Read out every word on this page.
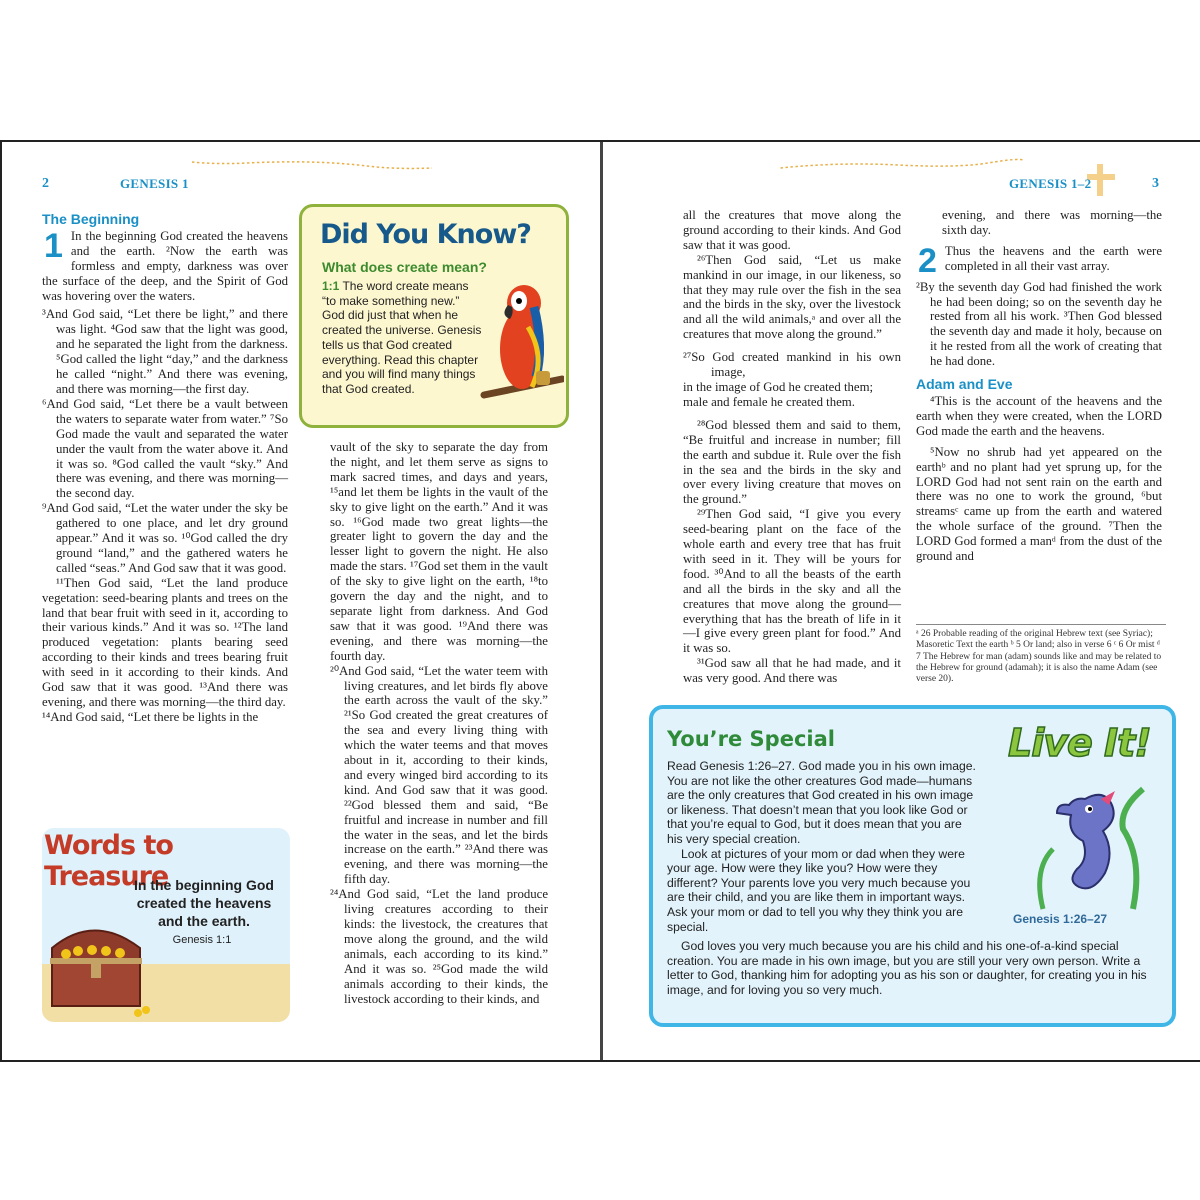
2	GENESIS 1
The Beginning
1 In the beginning God created the heavens and the earth. ²Now the earth was formless and empty, darkness was over the surface of the deep, and the Spirit of God was hovering over the waters.

³And God said, “Let there be light,” and there was light. ⁴God saw that the light was good, and he separated the light from the darkness. ⁵God called the light “day,” and the darkness he called “night.” And there was evening, and there was morning—the first day.

⁶And God said, “Let there be a vault between the waters to separate water from water.” ⁷So God made the vault and separated the water under the vault from the water above it. And it was so. ⁸God called the vault “sky.” And there was evening, and there was morning—the second day.

⁹And God said, “Let the water under the sky be gathered to one place, and let dry ground appear.” And it was so. ¹⁰God called the dry ground “land,” and the gathered waters he called “seas.” And God saw that it was good.

¹¹Then God said, “Let the land produce vegetation: seed-bearing plants and trees on the land that bear fruit with seed in it, according to their various kinds.” And it was so. ¹²The land produced vegetation: plants bearing seed according to their kinds and trees bearing fruit with seed in it according to their kinds. And God saw that it was good. ¹³And there was evening, and there was morning—the third day.

¹⁴And God said, “Let there be lights in the

Did You Know?
What does create mean?
1:1 The word create means “to make something new.” God did just that when he created the universe. Genesis tells us that God created everything. Read this chapter and you will find many things that God created.

vault of the sky to separate the day from the night, and let them serve as signs to mark sacred times, and days and years, ¹⁵and let them be lights in the vault of the sky to give light on the earth.” And it was so. ¹⁶God made two great lights—the greater light to govern the day and the lesser light to govern the night. He also made the stars. ¹⁷God set them in the vault of the sky to give light on the earth, ¹⁸to govern the day and the night, and to separate light from darkness. And God saw that it was good. ¹⁹And there was evening, and there was morning—the fourth day.

²⁰And God said, “Let the water teem with living creatures, and let birds fly above the earth across the vault of the sky.” ²¹So God created the great creatures of the sea and every living thing with which the water teems and that moves about in it, according to their kinds, and every winged bird according to its kind. And God saw that it was good. ²²God blessed them and said, “Be fruitful and increase in number and fill the water in the seas, and let the birds increase on the earth.” ²³And there was evening, and there was morning—the fifth day.

²⁴And God said, “Let the land produce living creatures according to their kinds: the livestock, the creatures that move along the ground, and the wild animals, each according to its kind.” And it was so. ²⁵God made the wild animals according to their kinds, the livestock according to their kinds, and

Words to Treasure
In the beginning God created the heavens and the earth.
Genesis 1:1
GENESIS 1–2	3

all the creatures that move along the ground according to their kinds. And God saw that it was good.

²⁶Then God said, “Let us make mankind in our image, in our likeness, so that they may rule over the fish in the sea and the birds in the sky, over the livestock and all the wild animals,ᵃ and over all the creatures that move along the ground.”

²⁷So God created mankind in his own image,
in the image of God he created them;
male and female he created them.

²⁸God blessed them and said to them, “Be fruitful and increase in number; fill the earth and subdue it. Rule over the fish in the sea and the birds in the sky and over every living creature that moves on the ground.”

²⁹Then God said, “I give you every seed-bearing plant on the face of the whole earth and every tree that has fruit with seed in it. They will be yours for food. ³⁰And to all the beasts of the earth and all the birds in the sky and all the creatures that move along the ground—everything that has the breath of life in it—I give every green plant for food.” And it was so.

³¹God saw all that he had made, and it was very good. And there was

evening, and there was morning—the sixth day.

2 Thus the heavens and the earth were completed in all their vast array.

²By the seventh day God had finished the work he had been doing; so on the seventh day he rested from all his work. ³Then God blessed the seventh day and made it holy, because on it he rested from all the work of creating that he had done.

Adam and Eve

⁴This is the account of the heavens and the earth when they were created, when the LORD God made the earth and the heavens.

⁵Now no shrub had yet appeared on the earthᵇ and no plant had yet sprung up, for the LORD God had not sent rain on the earth and there was no one to work the ground, ⁶but streamsᶜ came up from the earth and watered the whole surface of the ground. ⁷Then the LORD God formed a manᵈ from the dust of the ground and

ᵃ 26 Probable reading of the original Hebrew text (see Syriac); Masoretic Text the earth ᵇ 5 Or land; also in verse 6 ᶜ 6 Or mist ᵈ 7 The Hebrew for man (adam) sounds like and may be related to the Hebrew for ground (adamah); it is also the name Adam (see verse 20).
You’re Special	Live It!

Read Genesis 1:26–27. God made you in his own image. You are not like the other creatures God made—humans are the only creatures that God created in his own image or likeness. That doesn’t mean that you look like God or that you’re equal to God, but it does mean that you are his very special creation.

Look at pictures of your mom or dad when they were your age. How were they like you? How were they different? Your parents love you very much because you are their child, and you are like them in important ways. Ask your mom or dad to tell you why they think you are special.

God loves you very much because you are his child and his one-of-a-kind special creation. You are made in his own image, but you are still your very own person. Write a letter to God, thanking him for adopting you as his son or daughter, for creating you in his image, and for loving you so very much.
Genesis 1:26–27
